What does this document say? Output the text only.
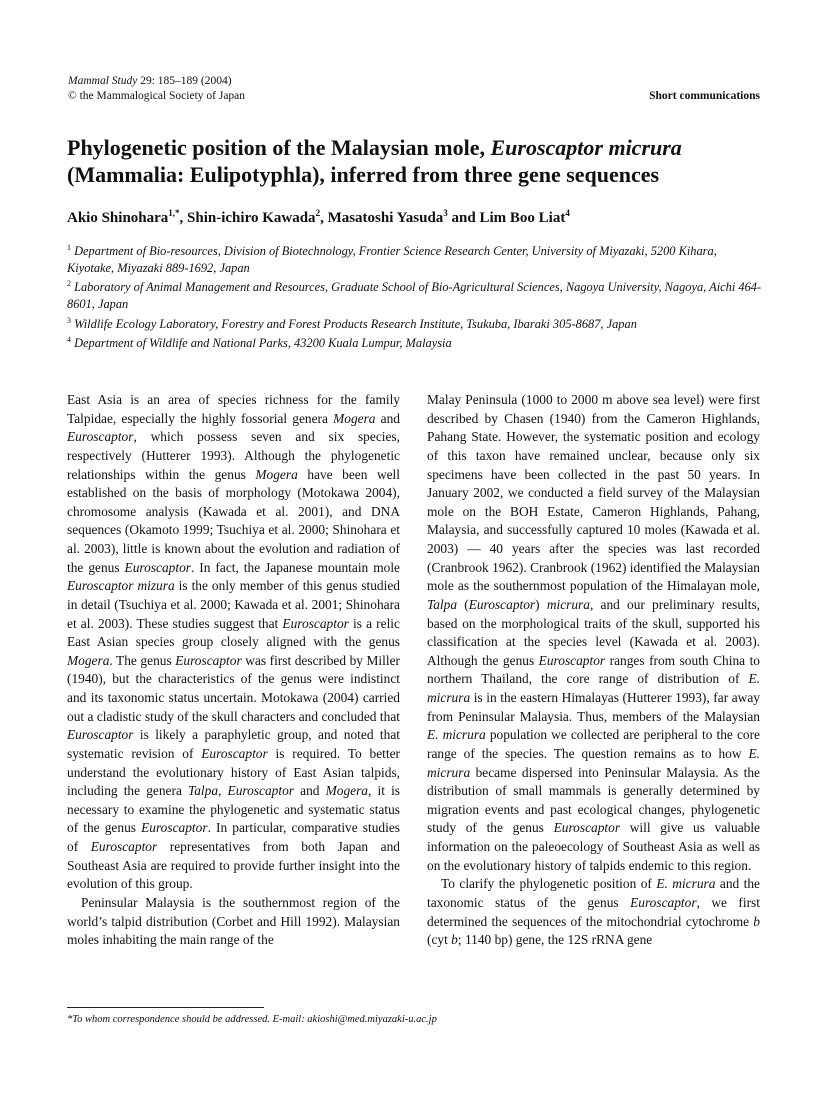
Mammal Study 29: 185–189 (2004)
© the Mammalogical Society of Japan	Short communications
Phylogenetic position of the Malaysian mole, Euroscaptor micrura (Mammalia: Eulipotyphla), inferred from three gene sequences
Akio Shinohara$^{1,*}$, Shin-ichiro Kawada$^2$, Masatoshi Yasuda$^3$ and Lim Boo Liat$^4$

$^1$ Department of Bio-resources, Division of Biotechnology, Frontier Science Research Center, University of Miyazaki, 5200 Kihara, Kiyotake, Miyazaki 889-1692, Japan

$^2$ Laboratory of Animal Management and Resources, Graduate School of Bio-Agricultural Sciences, Nagoya University, Nagoya, Aichi 464-8601, Japan

$^3$ Wildlife Ecology Laboratory, Forestry and Forest Products Research Institute, Tsukuba, Ibaraki 305-8687, Japan

$^4$ Department of Wildlife and National Parks, 43200 Kuala Lumpur, Malaysia

East Asia is an area of species richness for the family Talpidae, especially the highly fossorial genera Mogera and Euroscaptor, which possess seven and six species, respectively (Hutterer 1993). Although the phylogenetic relationships within the genus Mogera have been well established on the basis of morphology (Motokawa 2004), chromosome analysis (Kawada et al. 2001), and DNA sequences (Okamoto 1999; Tsuchiya et al. 2000; Shinohara et al. 2003), little is known about the evolution and radiation of the genus Euroscaptor. In fact, the Japanese mountain mole Euroscaptor mizura is the only member of this genus studied in detail (Tsuchiya et al. 2000; Kawada et al. 2001; Shinohara et al. 2003). These studies suggest that Euroscaptor is a relic East Asian species group closely aligned with the genus Mogera. The genus Euroscaptor was first described by Miller (1940), but the characteristics of the genus were indistinct and its taxonomic status uncertain. Motokawa (2004) carried out a cladistic study of the skull characters and concluded that Euroscaptor is likely a paraphyletic group, and noted that systematic revision of Euroscaptor is required. To better understand the evolutionary history of East Asian talpids, including the genera Talpa, Euroscaptor and Mogera, it is necessary to examine the phylogenetic and systematic status of the genus Euroscaptor. In particular, comparative studies of Euroscaptor representatives from both Japan and Southeast Asia are required to provide further insight into the evolution of this group.

Peninsular Malaysia is the southernmost region of the world’s talpid distribution (Corbet and Hill 1992). Malaysian moles inhabiting the main range of the

Malay Peninsula (1000 to 2000 m above sea level) were first described by Chasen (1940) from the Cameron Highlands, Pahang State. However, the systematic position and ecology of this taxon have remained unclear, because only six specimens have been collected in the past 50 years. In January 2002, we conducted a field survey of the Malaysian mole on the BOH Estate, Cameron Highlands, Pahang, Malaysia, and successfully captured 10 moles (Kawada et al. 2003) — 40 years after the species was last recorded (Cranbrook 1962). Cranbrook (1962) identified the Malaysian mole as the southernmost population of the Himalayan mole, Talpa (Euroscaptor) micrura, and our preliminary results, based on the morphological traits of the skull, supported his classification at the species level (Kawada et al. 2003). Although the genus Euroscaptor ranges from south China to northern Thailand, the core range of distribution of E. micrura is in the eastern Himalayas (Hutterer 1993), far away from Peninsular Malaysia. Thus, members of the Malaysian E. micrura population we collected are peripheral to the core range of the species. The question remains as to how E. micrura became dispersed into Peninsular Malaysia. As the distribution of small mammals is generally determined by migration events and past ecological changes, phylogenetic study of the genus Euroscaptor will give us valuable information on the paleoecology of Southeast Asia as well as on the evolutionary history of talpids endemic to this region.

To clarify the phylogenetic position of E. micrura and the taxonomic status of the genus Euroscaptor, we first determined the sequences of the mitochondrial cytochrome b (cyt b; 1140 bp) gene, the 12S rRNA gene

*To whom correspondence should be addressed. E-mail: akioshi@med.miyazaki-u.ac.jp
